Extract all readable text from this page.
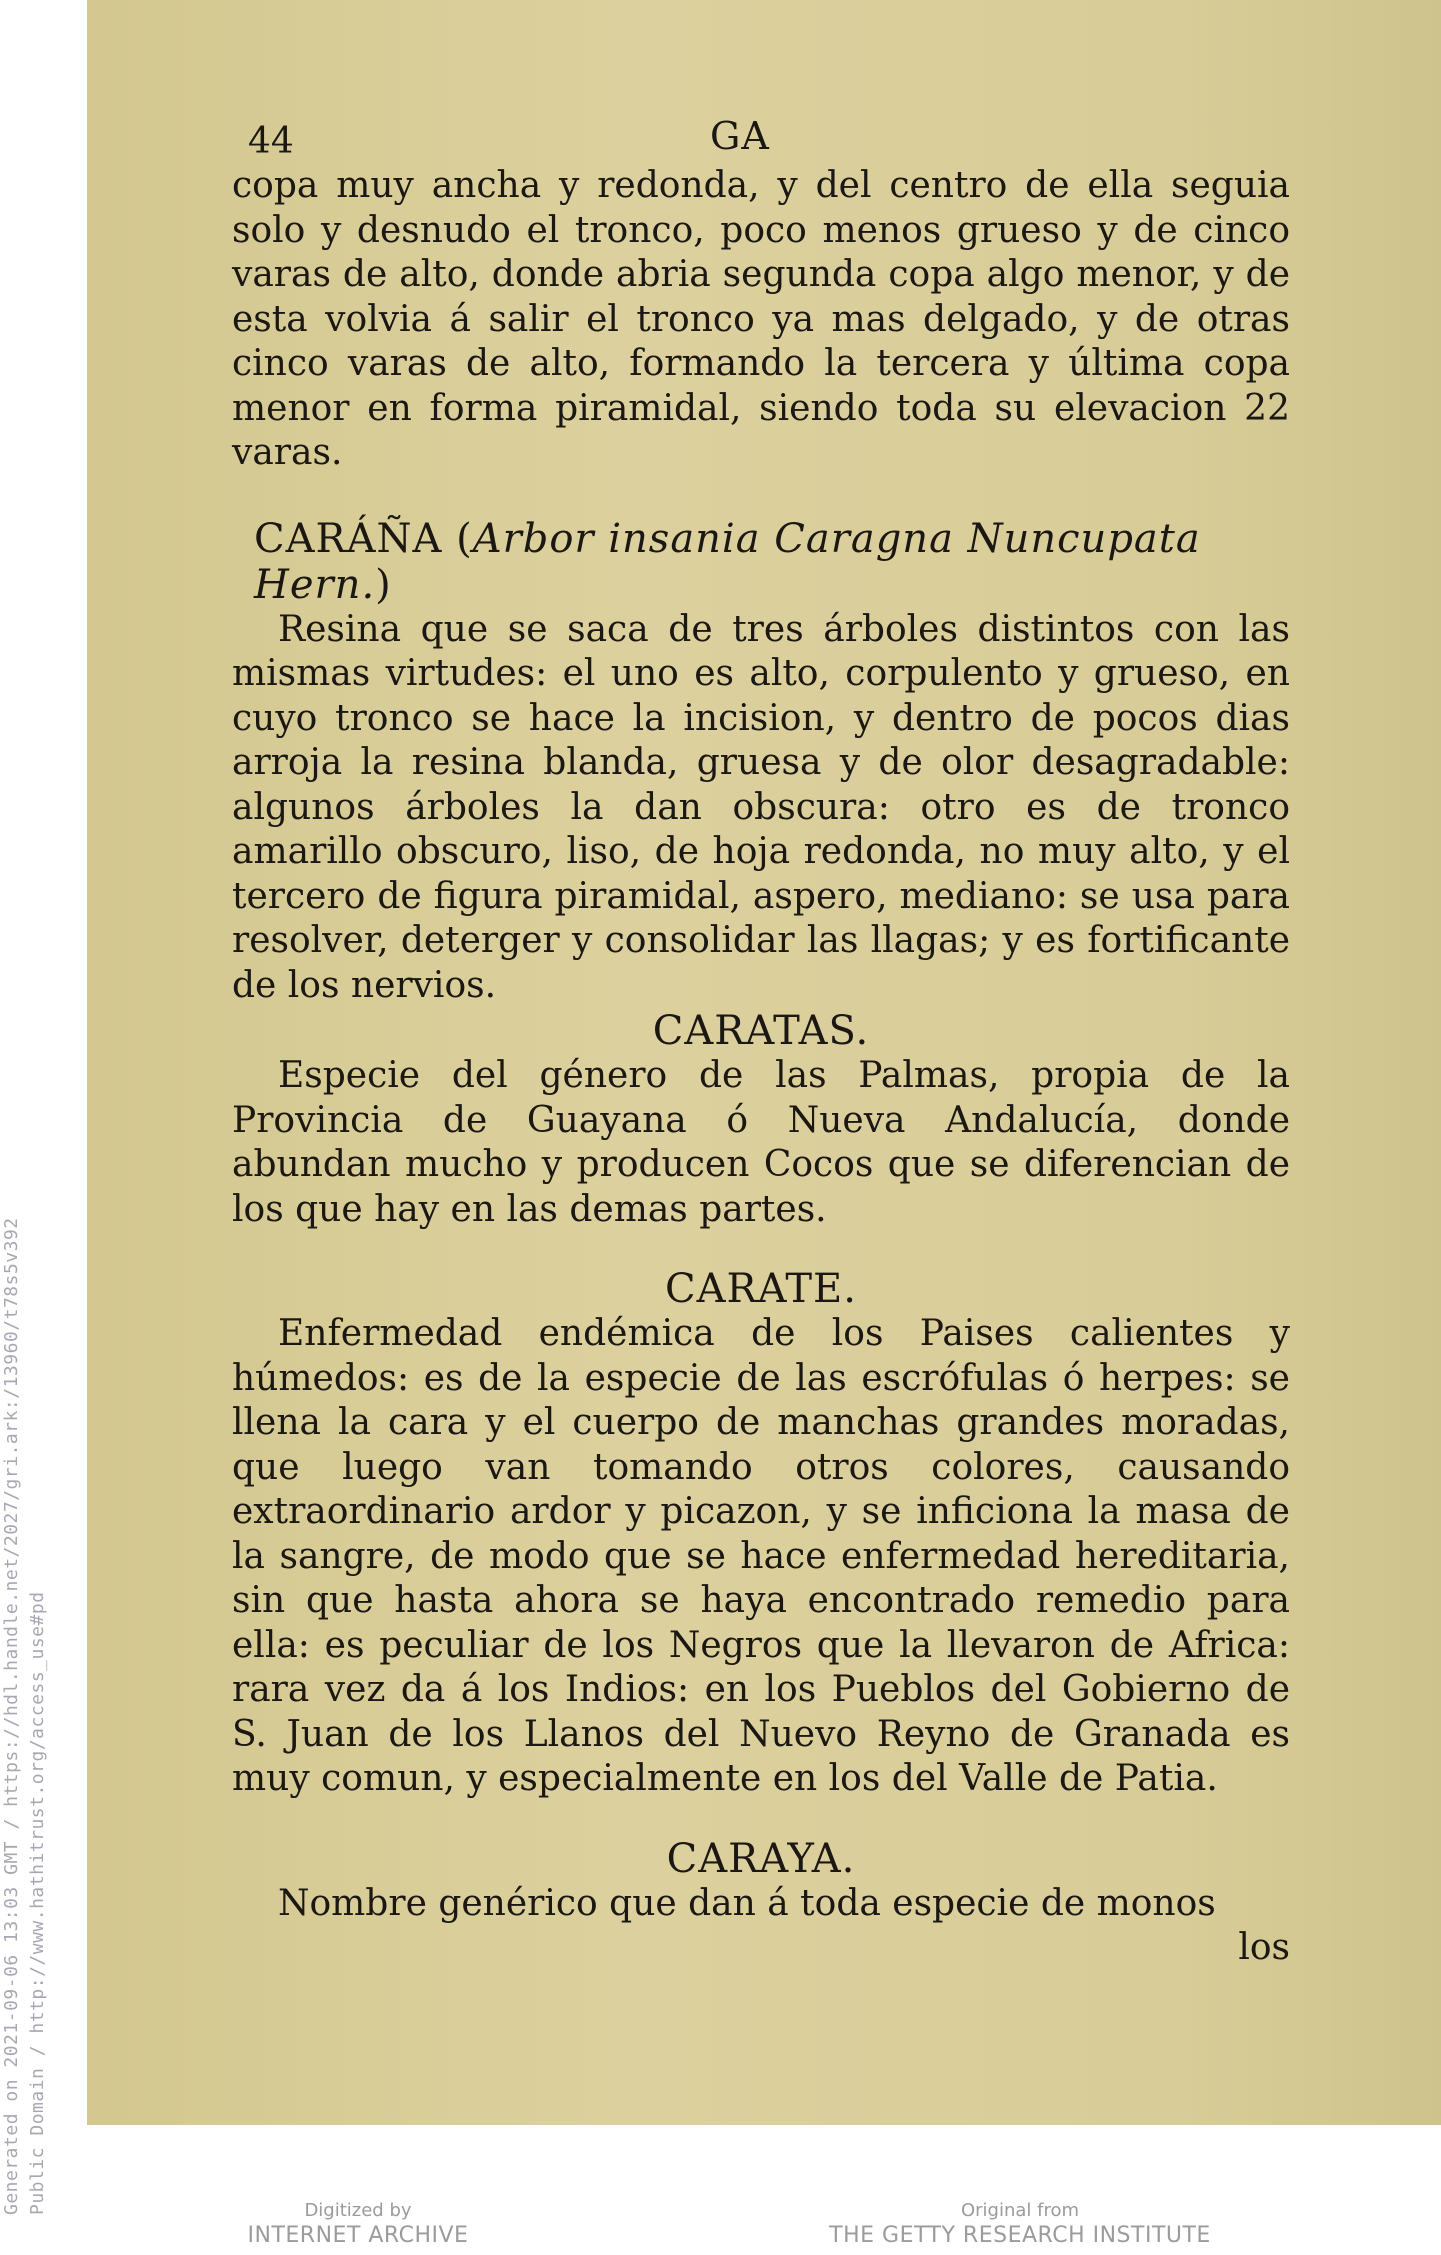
Generated on 2021-09-06 13:03 GMT / https://hdl.handle.net/2027/gri.ark:/13960/t78s5v392 Public Domain / http://www.hathitrust.org/access_use#pd
44	GA

copa muy ancha y redonda, y del centro de ella seguia solo y desnudo el tronco, poco menos grueso y de cinco varas de alto, donde abria segunda copa algo menor, y de esta volvia á salir el tronco ya mas delgado, y de otras cinco varas de alto, formando la tercera y última copa menor en forma piramidal, siendo toda su elevacion 22 varas.

CARÁÑA (Arbor insania Caragna Nuncupata Hern.)

Resina que se saca de tres árboles distintos con las mismas virtudes: el uno es alto, corpulento y grueso, en cuyo tronco se hace la incision, y dentro de pocos dias arroja la resina blanda, gruesa y de olor desagradable: algunos árboles la dan obscura: otro es de tronco amarillo obscuro, liso, de hoja redonda, no muy alto, y el tercero de figura piramidal, aspero, mediano: se usa para resolver, deterger y consolidar las llagas; y es fortificante de los nervios.

CARATAS.

Especie del género de las Palmas, propia de la Provincia de Guayana ó Nueva Andalucía, donde abundan mucho y producen Cocos que se diferencian de los que hay en las demas partes.

CARATE.

Enfermedad endémica de los Paises calientes y húmedos: es de la especie de las escrófulas ó herpes: se llena la cara y el cuerpo de manchas grandes moradas, que luego van tomando otros colores, causando extraordinario ardor y picazon, y se inficiona la masa de la sangre, de modo que se hace enfermedad hereditaria, sin que hasta ahora se haya encontrado remedio para ella: es peculiar de los Negros que la llevaron de Africa: rara vez da á los Indios: en los Pueblos del Gobierno de S. Juan de los Llanos del Nuevo Reyno de Granada es muy comun, y especialmente en los del Valle de Patia.

CARAYA.

Nombre genérico que dan á toda especie de monos

los

Digitized by
INTERNET ARCHIVE
Original from
THE GETTY RESEARCH INSTITUTE
